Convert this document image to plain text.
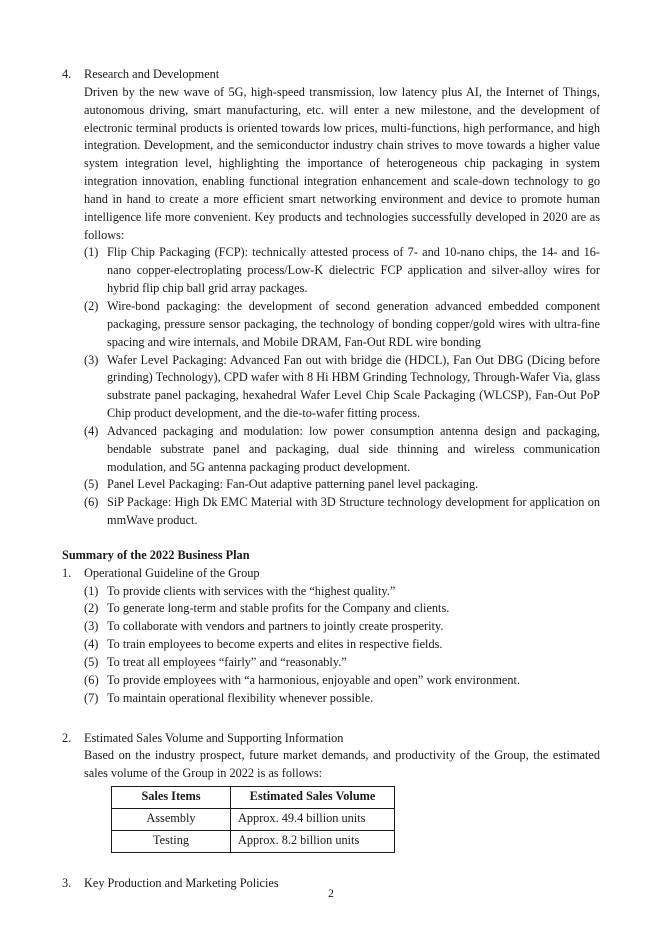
4.	Research and Development
Driven by the new wave of 5G, high-speed transmission, low latency plus AI, the Internet of Things, autonomous driving, smart manufacturing, etc. will enter a new milestone, and the development of electronic terminal products is oriented towards low prices, multi-functions, high performance, and high integration. Development, and the semiconductor industry chain strives to move towards a higher value system integration level, highlighting the importance of heterogeneous chip packaging in system integration innovation, enabling functional integration enhancement and scale-down technology to go hand in hand to create a more efficient smart networking environment and device to promote human intelligence life more convenient. Key products and technologies successfully developed in 2020 are as follows:
(1) Flip Chip Packaging (FCP): technically attested process of 7- and 10-nano chips, the 14- and 16-nano copper-electroplating process/Low-K dielectric FCP application and silver-alloy wires for hybrid flip chip ball grid array packages.
(2) Wire-bond packaging: the development of second generation advanced embedded component packaging, pressure sensor packaging, the technology of bonding copper/gold wires with ultra-fine spacing and wire internals, and Mobile DRAM, Fan-Out RDL wire bonding
(3) Wafer Level Packaging: Advanced Fan out with bridge die (HDCL), Fan Out DBG (Dicing before grinding) Technology), CPD wafer with 8 Hi HBM Grinding Technology, Through-Wafer Via, glass substrate panel packaging, hexahedral Wafer Level Chip Scale Packaging (WLCSP), Fan-Out PoP Chip product development, and the die-to-wafer fitting process.
(4) Advanced packaging and modulation: low power consumption antenna design and packaging, bendable substrate panel and packaging, dual side thinning and wireless communication modulation, and 5G antenna packaging product development.
(5) Panel Level Packaging: Fan-Out adaptive patterning panel level packaging.
(6) SiP Package: High Dk EMC Material with 3D Structure technology development for application on mmWave product.
Summary of the 2022 Business Plan
1.	Operational Guideline of the Group
(1) To provide clients with services with the “highest quality.”
(2) To generate long-term and stable profits for the Company and clients.
(3) To collaborate with vendors and partners to jointly create prosperity.
(4) To train employees to become experts and elites in respective fields.
(5) To treat all employees “fairly” and “reasonably.”
(6) To provide employees with “a harmonious, enjoyable and open” work environment.
(7) To maintain operational flexibility whenever possible.
2.	Estimated Sales Volume and Supporting Information
Based on the industry prospect, future market demands, and productivity of the Group, the estimated sales volume of the Group in 2022 is as follows:
Sales Items	Estimated Sales Volume
Assembly	Approx. 49.4 billion units
Testing	Approx. 8.2 billion units
3.	Key Production and Marketing Policies
2
